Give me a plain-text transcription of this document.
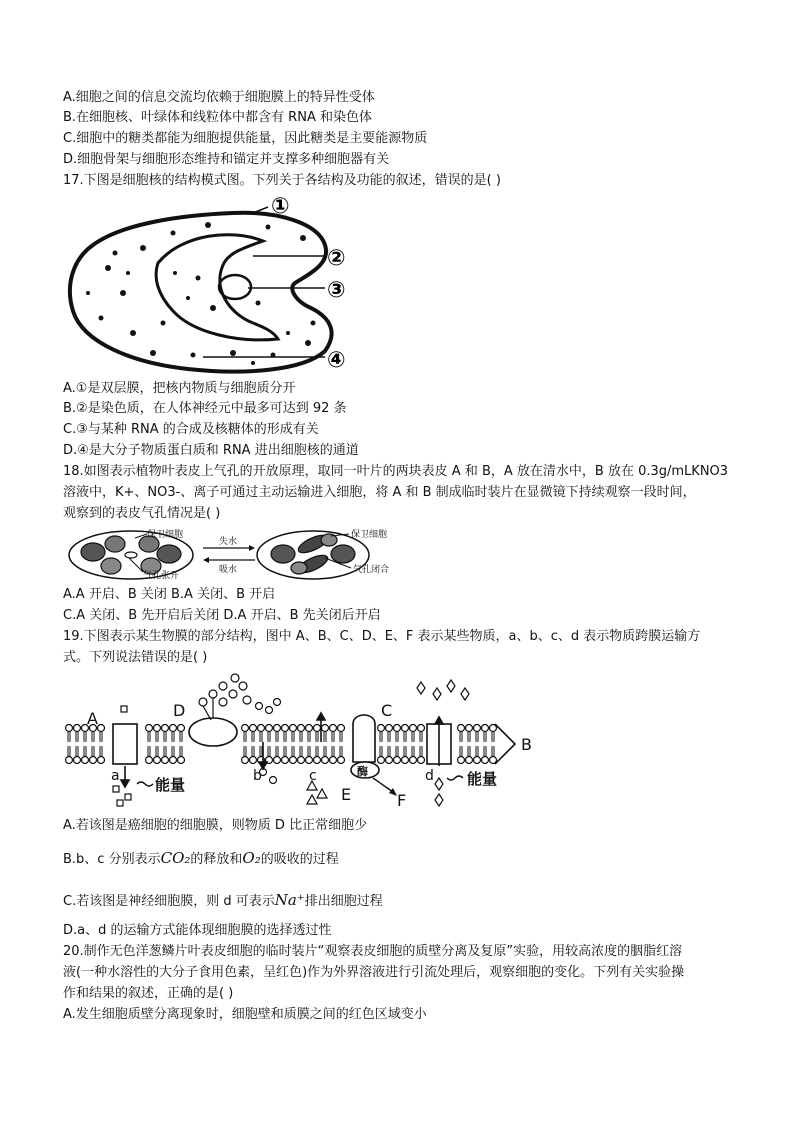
A.细胞之间的信息交流均依赖于细胞膜上的特异性受体
B.在细胞核、叶绿体和线粒体中都含有 RNA 和染色体
C.细胞中的糖类都能为细胞提供能量，因此糖类是主要能源物质
D.细胞骨架与细胞形态维持和锚定并支撑多种细胞器有关
17.下图是细胞核的结构模式图。下列关于各结构及功能的叙述，错误的是( )
①
②
③
④
A.①是双层膜，把核内物质与细胞质分开
B.②是染色质，在人体神经元中最多可达到 92 条
C.③与某种 RNA 的合成及核糖体的形成有关
D.④是大分子物质蛋白质和 RNA 进出细胞核的通道
18.如图表示植物叶表皮上气孔的开放原理，取同一叶片的两块表皮 A 和 B，A 放在清水中，B 放在 0.3g/mLKNO3
溶液中，K+、NO3-、离子可通过主动运输进入细胞，将 A 和 B 制成临时装片在显微镜下持续观察一段时间，
观察到的表皮气孔情况是( )
保卫细胞	保卫细胞
失水
吸水
气孔张开
气孔闭合
A.A 开启、B 关闭 B.A 关闭、B 开启
C.A 关闭、B 先开启后关闭 D.A 开启、B 先关闭后开启
19.下图表示某生物膜的部分结构，图中 A、B、C、D、E、F 表示某些物质，a、b、c、d 表示物质跨膜运输方
式。下列说法错误的是( )
A	D	C
B
E	F
a	b	c	d
能量	能量
酶
A.若该图是癌细胞的细胞膜，则物质 D 比正常细胞少
B.b、c 分别表示CO₂的释放和O₂的吸收的过程
C.若该图是神经细胞膜，则 d 可表示Na⁺排出细胞过程
D.a、d 的运输方式能体现细胞膜的选择透过性
20.制作无色洋葱鳞片叶表皮细胞的临时装片“观察表皮细胞的质壁分离及复原”实验，用较高浓度的胭脂红溶
液(一种水溶性的大分子食用色素，呈红色)作为外界溶液进行引流处理后，观察细胞的变化。下列有关实验操
作和结果的叙述，正确的是( )
A.发生细胞质壁分离现象时，细胞壁和质膜之间的红色区域变小
